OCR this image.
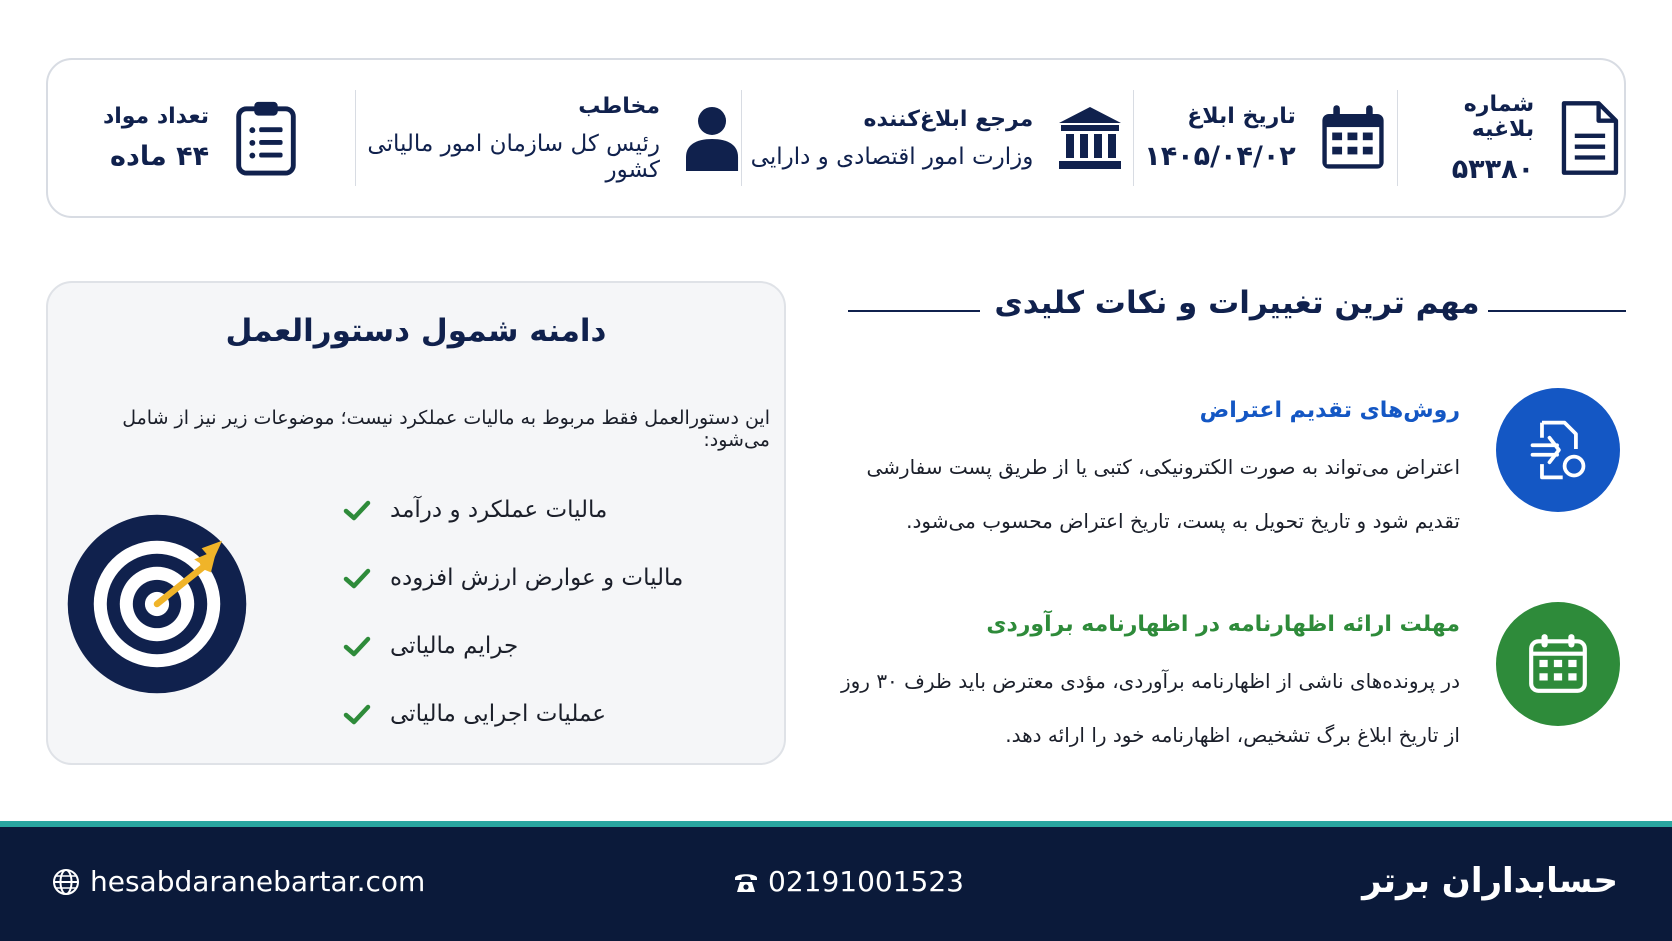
شماره بلاغیه
۵۳۳۸۰
تاریخ ابلاغ
۱۴۰۵/۰۴/۰۲
مرجع ابلاغ‌کننده
وزارت امور اقتصادی و دارایی
مخاطب
رئیس کل سازمان امور مالیاتی کشور
تعداد مواد
۴۴ ماده
دامنه شمول دستورالعمل
این دستورالعمل فقط مربوط به مالیات عملکرد نیست؛ موضوعات زیر نیز از شامل می‌شود:
مالیات عملکرد و درآمد
مالیات و عوارض ارزش افزوده
جرایم مالیاتی
عملیات اجرایی مالیاتی
مهم ترین تغییرات و نکات کلیدی
روش‌های تقدیم اعتراض
اعتراض می‌تواند به صورت الکترونیکی، کتبی یا از طریق پست سفارشی تقدیم شود و تاریخ تحویل به پست، تاریخ اعتراض محسوب می‌شود.
مهلت ارائه اظهارنامه در اظهارنامه برآوردی
در پرونده‌های ناشی از اظهارنامه برآوردی، مؤدی معترض باید ظرف ۳۰ روز از تاریخ ابلاغ برگ تشخیص، اظهارنامه خود را ارائه دهد.
hesabdaranebartar.com	02191001523	حسابداران برتر
